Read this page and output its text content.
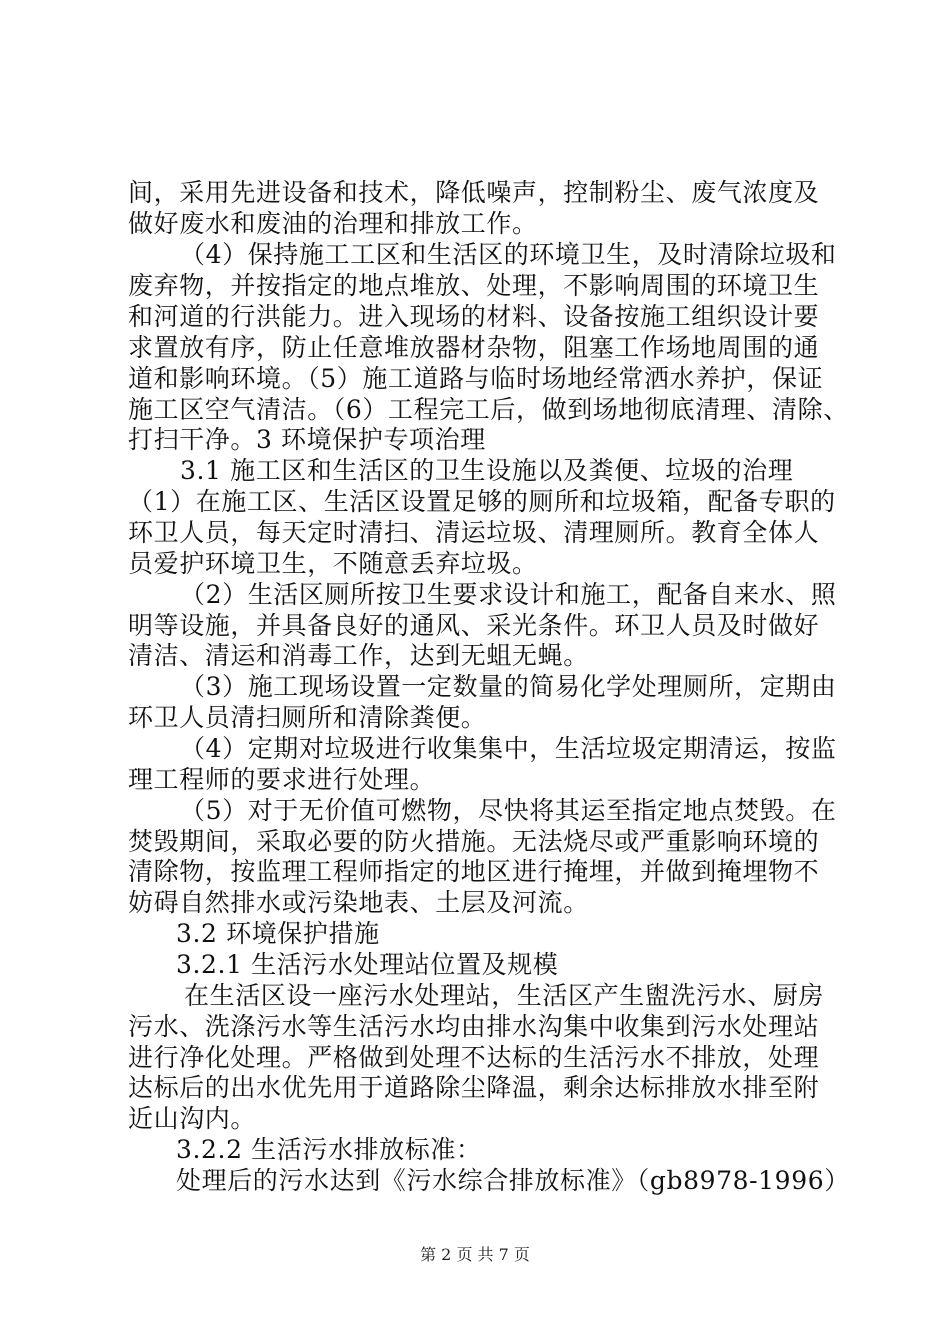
间，采用先进设备和技术，降低噪声，控制粉尘、废气浓度及
做好废水和废油的治理和排放工作。
（4）保持施工工区和生活区的环境卫生，及时清除垃圾和
废弃物，并按指定的地点堆放、处理，不影响周围的环境卫生
和河道的行洪能力。进入现场的材料、设备按施工组织设计要
求置放有序，防止任意堆放器材杂物，阻塞工作场地周围的通
道和影响环境。（5）施工道路与临时场地经常洒水养护，保证
施工区空气清洁。（6）工程完工后，做到场地彻底清理、清除、
打扫干净。3 环境保护专项治理
3.1 施工区和生活区的卫生设施以及粪便、垃圾的治理
（1）在施工区、生活区设置足够的厕所和垃圾箱，配备专职的
环卫人员，每天定时清扫、清运垃圾、清理厕所。教育全体人
员爱护环境卫生，不随意丢弃垃圾。
（2）生活区厕所按卫生要求设计和施工，配备自来水、照
明等设施，并具备良好的通风、采光条件。环卫人员及时做好
清洁、清运和消毒工作，达到无蛆无蝇。
（3）施工现场设置一定数量的简易化学处理厕所，定期由
环卫人员清扫厕所和清除粪便。
（4）定期对垃圾进行收集集中，生活垃圾定期清运，按监
理工程师的要求进行处理。
（5）对于无价值可燃物，尽快将其运至指定地点焚毁。在
焚毁期间，采取必要的防火措施。无法烧尽或严重影响环境的
清除物，按监理工程师指定的地区进行掩埋，并做到掩埋物不
妨碍自然排水或污染地表、土层及河流。
3.2 环境保护措施
3.2.1 生活污水处理站位置及规模
在生活区设一座污水处理站，生活区产生盥洗污水、厨房
污水、洗涤污水等生活污水均由排水沟集中收集到污水处理站
进行净化处理。严格做到处理不达标的生活污水不排放，处理
达标后的出水优先用于道路除尘降温，剩余达标排放水排至附
近山沟内。
3.2.2 生活污水排放标准：
处理后的污水达到《污水综合排放标准》（gb8978-1996）
第 2 页 共 7 页
